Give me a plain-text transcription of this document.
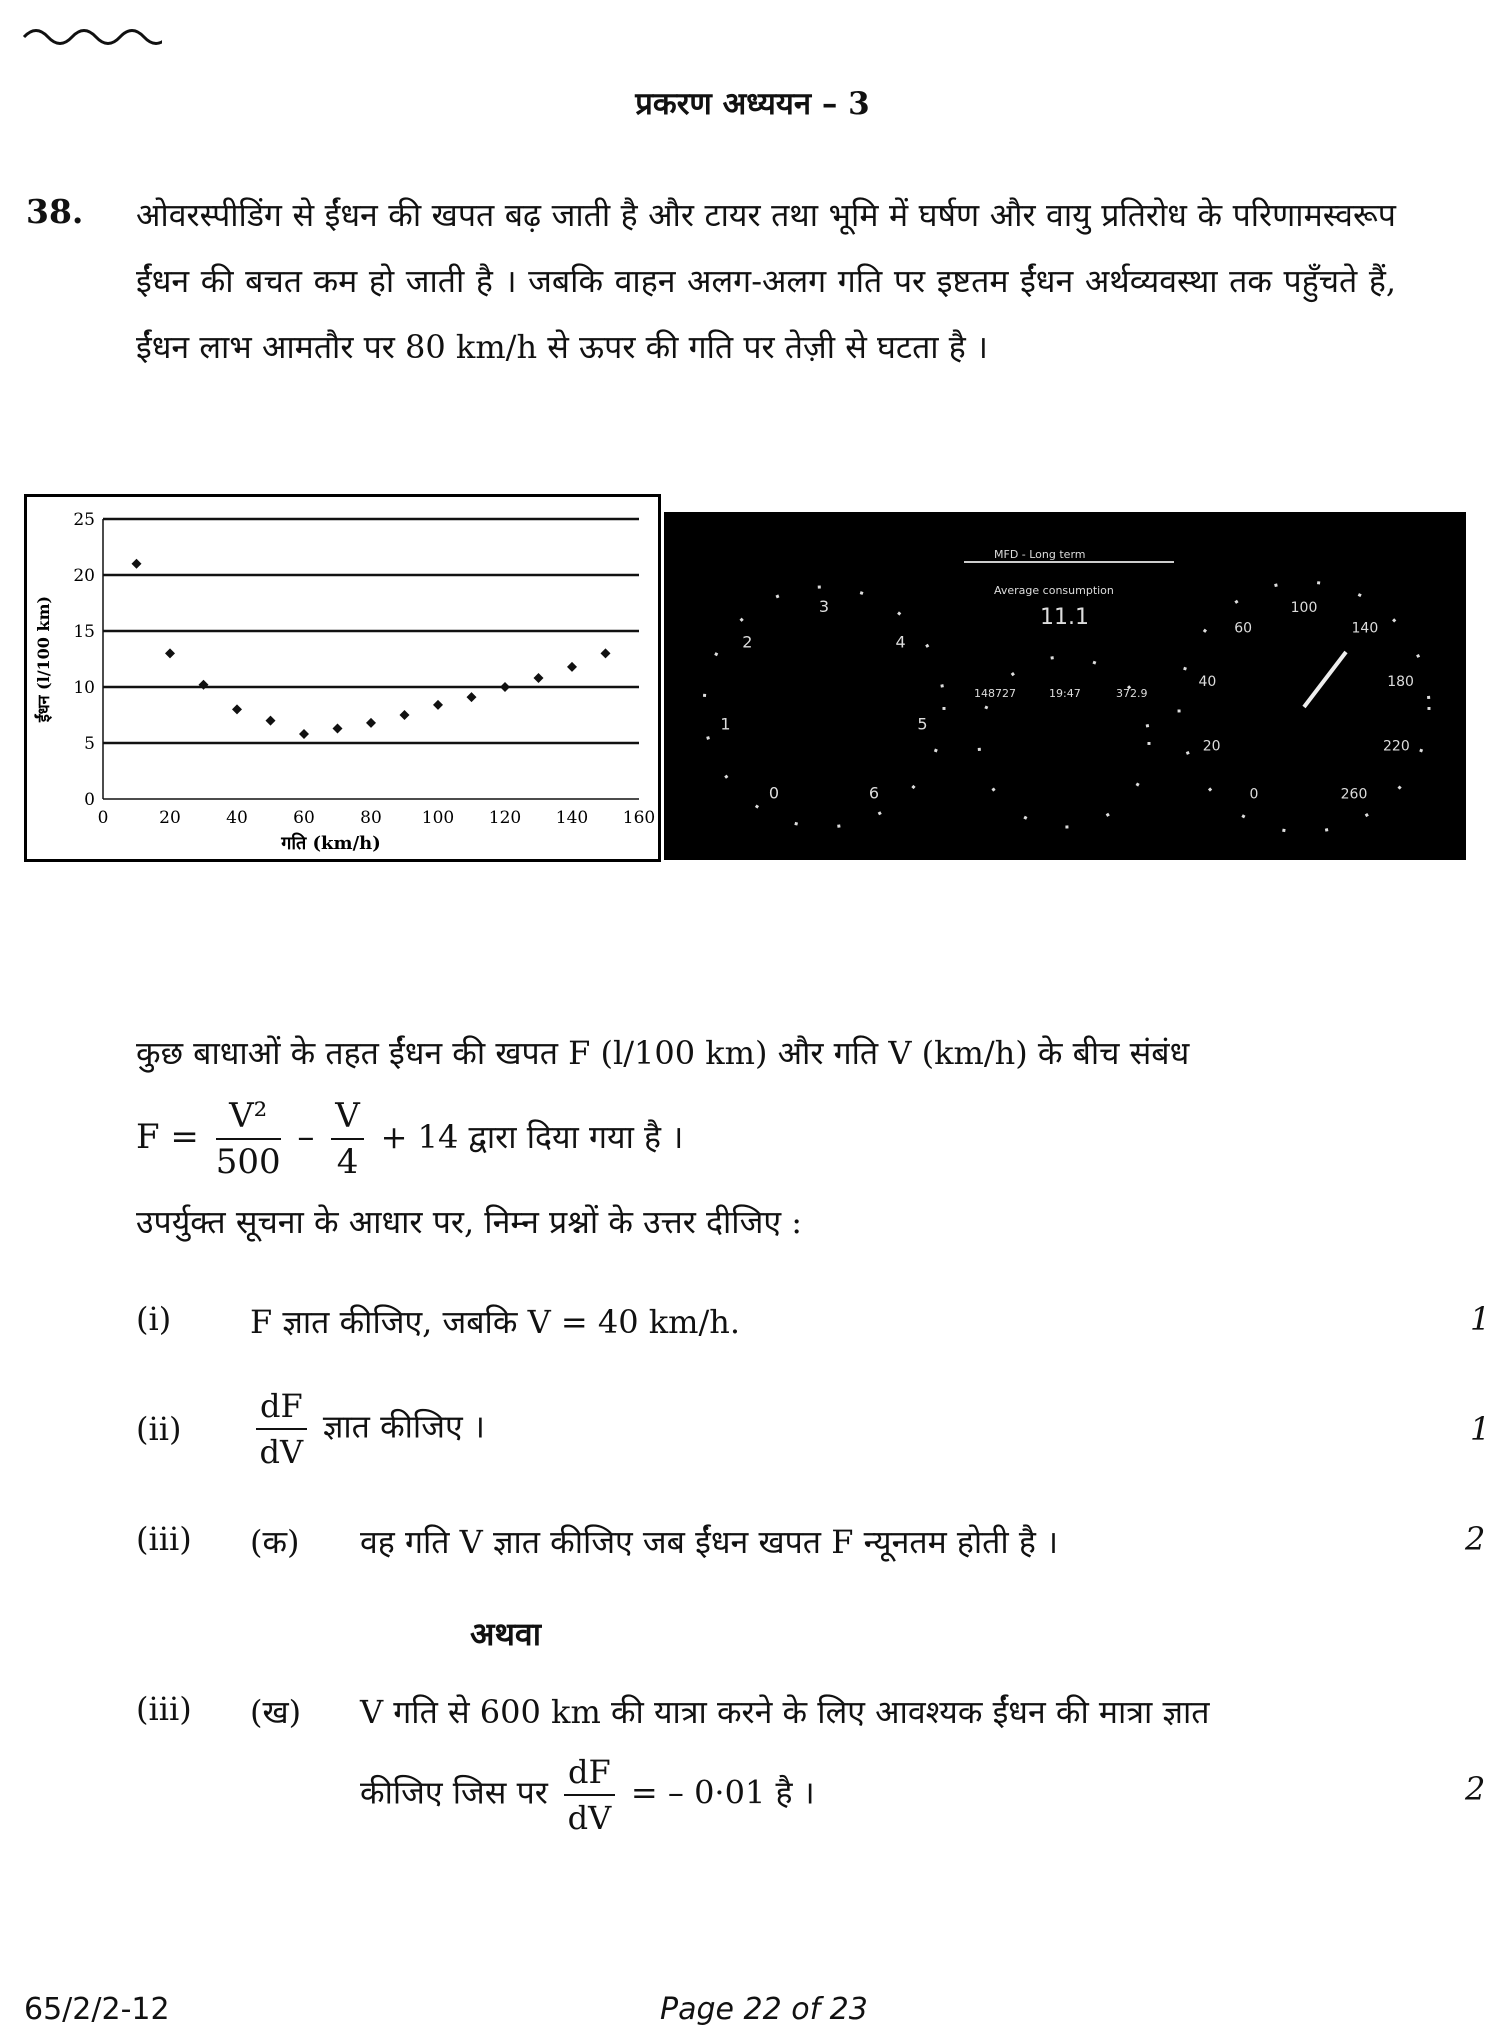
प्रकरण अध्ययन – 3
38. ओवरस्पीडिंग से ईंधन की खपत बढ़ जाती है और टायर तथा भूमि में घर्षण और वायु प्रतिरोध के परिणामस्वरूप ईंधन की बचत कम हो जाती है । जबकि वाहन अलग-अलग गति पर इष्टतम ईंधन अर्थव्यवस्था तक पहुँचते हैं, ईंधन लाभ आमतौर पर 80 km/h से ऊपर की गति पर तेज़ी से घटता है ।
0
5
10
15
20
25
0	20	40	60	80 100 120 140 160
गति (km/h)
ईंधन (l/100 km)
MFD - Long term
Average consumption
11.1
148727	19:47	372.9
0
1
2
3
4
5
6	0
20
40
60
100
140
180
220
260
कुछ बाधाओं के तहत ईंधन की खपत F (l/100 km) और गति V (km/h) के बीच संबंध
$F = \frac{\text{V²}}{500} - \frac{V}{4} + 14$ द्वारा दिया गया है ।
उपर्युक्त सूचना के आधार पर, निम्न प्रश्नों के उत्तर दीजिए :
(i) F ज्ञात कीजिए, जबकि V = 40 km/h.	1
$(ii) \frac{dF}{dV}$ ज्ञात कीजिए ।	1
(iii) (क) वह गति V ज्ञात कीजिए जब ईंधन खपत F न्यूनतम होती है ।	2
अथवा
(iii) (ख) V गति से 600 km की यात्रा करने के लिए आवश्यक ईंधन की मात्रा ज्ञात
कीजिए जिस पर $\frac{dF}{dV}$ = – 0·01 है ।	2
65/2/2-12	Page 22 of 23
